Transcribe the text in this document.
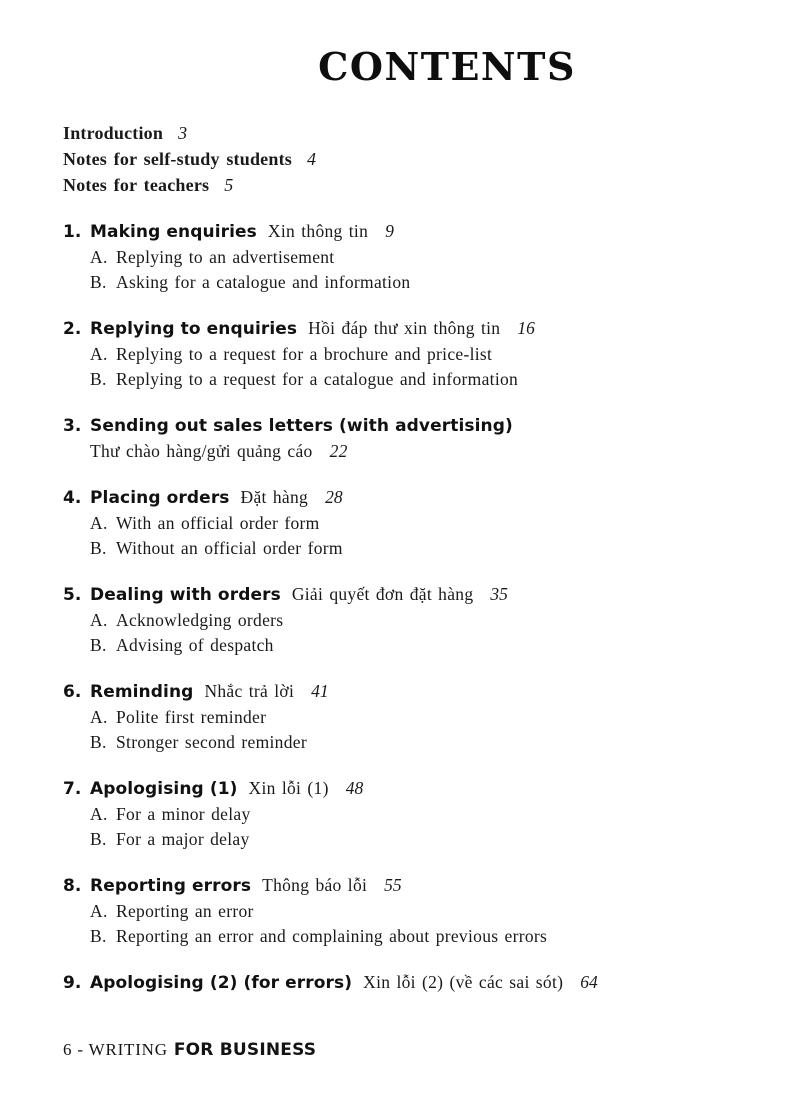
CONTENTS
Introduction 3
Notes for self-study students 4
Notes for teachers 5
1. Making enquiries Xin thông tin 9
A. Replying to an advertisement
B. Asking for a catalogue and information
2. Replying to enquiries Hồi đáp thư xin thông tin 16
A. Replying to a request for a brochure and price-list
B. Replying to a request for a catalogue and information
3. Sending out sales letters (with advertising)
Thư chào hàng/gửi quảng cáo 22
4. Placing orders Đặt hàng 28
A. With an official order form
B. Without an official order form
5. Dealing with orders Giải quyết đơn đặt hàng 35
A. Acknowledging orders
B. Advising of despatch
6. Reminding Nhắc trả lời 41
A. Polite first reminder
B. Stronger second reminder
7. Apologising (1) Xin lỗi (1) 48
A. For a minor delay
B. For a major delay
8. Reporting errors Thông báo lỗi 55
A. Reporting an error
B. Reporting an error and complaining about previous errors
9. Apologising (2) (for errors) Xin lỗi (2) (về các sai sót) 64
6 - WRITING FOR BUSINESS
